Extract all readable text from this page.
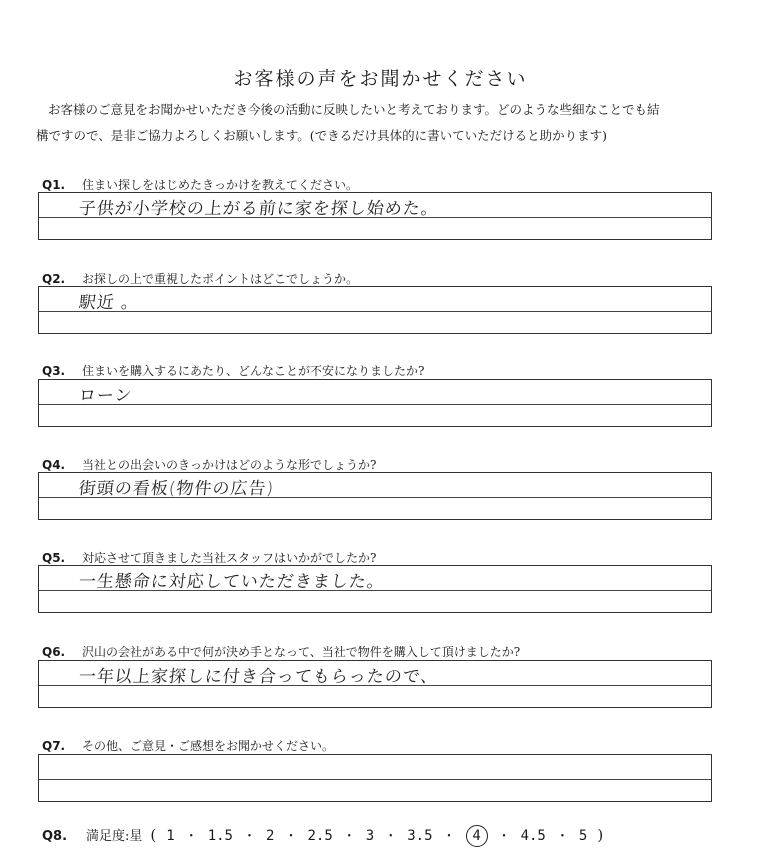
お客様の声をお聞かせください
お客様のご意見をお聞かせいただき今後の活動に反映したいと考えております。どのような些細なことでも結
構ですので、是非ご協力よろしくお願いします。(できるだけ具体的に書いていただけると助かります)
Q1. 住まい探しをはじめたきっかけを教えてください。
子供が小学校の上がる前に家を探し始めた。
Q2. お探しの上で重視したポイントはどこでしょうか。
駅近 。
Q3. 住まいを購入するにあたり、どんなことが不安になりましたか?
ローン
Q4. 当社との出会いのきっかけはどのような形でしょうか?
街頭の看板(物件の広告)
Q5. 対応させて頂きました当社スタッフはいかがでしたか?
一生懸命に対応していただきました。
Q6. 沢山の会社がある中で何が決め手となって、当社で物件を購入して頂けましたか?
一年以上家探しに付き合ってもらったので、
Q7. その他、ご意見・ご感想をお聞かせください。
Q8. 満足度:星 ( 1 ・ 1.5 ・ 2 ・ 2.5 ・ 3 ・ 3.5 ・ 4 ・ 4.5 ・ 5 )
